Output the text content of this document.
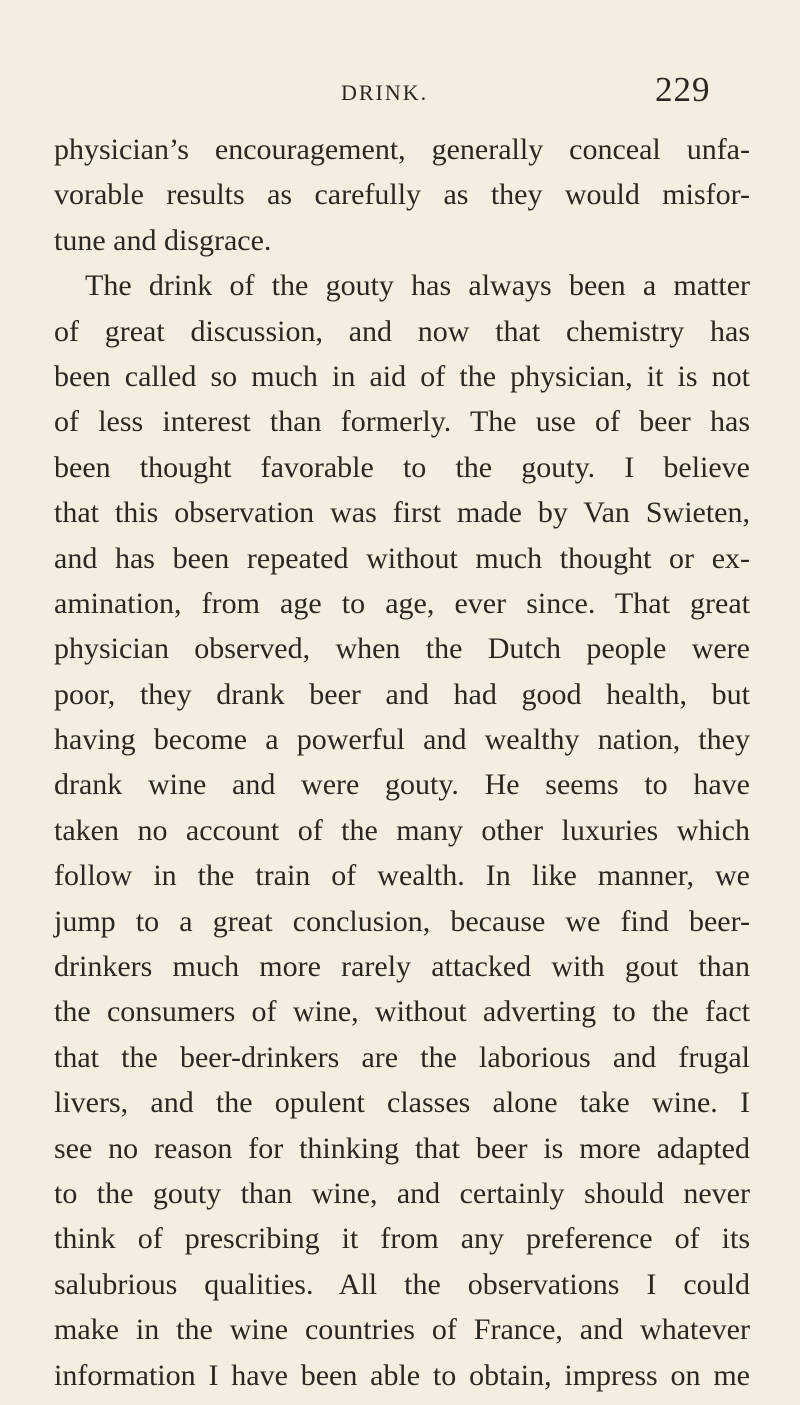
DRINK.	229
physician’s encouragement, generally conceal unfa-
vorable results as carefully as they would misfor-
tune and disgrace.
The drink of the gouty has always been a matter
of great discussion, and now that chemistry has
been called so much in aid of the physician, it is not
of less interest than formerly. The use of beer has
been thought favorable to the gouty. I believe
that this observation was first made by Van Swieten,
and has been repeated without much thought or ex-
amination, from age to age, ever since. That great
physician observed, when the Dutch people were
poor, they drank beer and had good health, but
having become a powerful and wealthy nation, they
drank wine and were gouty. He seems to have
taken no account of the many other luxuries which
follow in the train of wealth. In like manner, we
jump to a great conclusion, because we find beer-
drinkers much more rarely attacked with gout than
the consumers of wine, without adverting to the fact
that the beer-drinkers are the laborious and frugal
livers, and the opulent classes alone take wine. I
see no reason for thinking that beer is more adapted
to the gouty than wine, and certainly should never
think of prescribing it from any preference of its
salubrious qualities. All the observations I could
make in the wine countries of France, and whatever
information I have been able to obtain, impress on me
